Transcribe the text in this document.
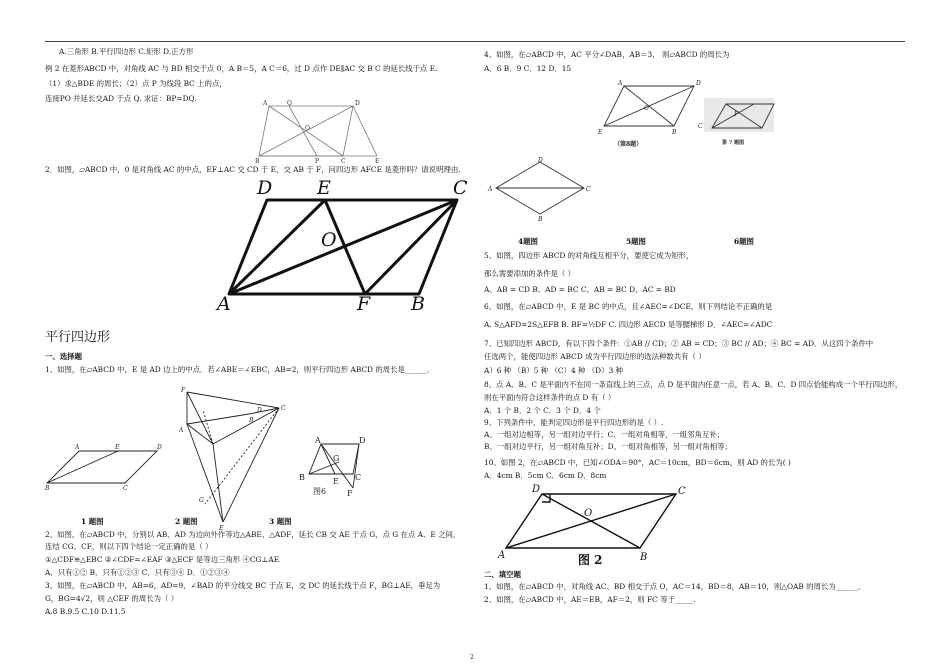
A.三角形 B.平行四边形 C.矩形 D.正方形
例 2 在菱形ABCD 中，对角线 AC 与 BD 相交于点 0，A B＝5，A C＝6，过 D 点作 DE∥AC 交 B C 的延长线于点 E.
（1）求△BDE 的周长；（2）点 P 为线段 BC 上的点，
连接PO 并延长交AD 于点 Q. 求证：BP=DQ.
A	Q	D
O
B	P	C	E
2．如图，▱ABCD 中，0 是对角线 AC 的中点，EF⊥AC 交 CD 于 E，交 AB 于 F，问四边形 AFCE 是菱形吗？请说明理由.
D E	C
O
A	F B
平行四边形
一、选择题
1、如图，在▱ABCD 中，E 是 AD 边上的中点．若∠ABE＝∠EBC，AB=2，则平行四边形 ABCD 的周长是______．
A	E	D
B	C
F
D
B
C
A
G
E
A	D
G
B	E C
图6	F
1 题图	2 题图	3 题图
2、如图，在▱ABCD 中，分别以 AB、AD 为边向外作等边△ABE、△ADF，延长 CB 交 AE 于点 G，点 G 在点 A、E 之间，
连结 CG、CF，则以下四个结论一定正确的是（ ）
①△CDF≌△EBC ②∠CDF=∠EAF ③△ECF 是等边三角形 ④CG⊥AE
A．只有①② B．只有①②③ C．只有③④ D．①②③④
3、如图，在▱ABCD 中，AB=6，AD=9，∠BAD 的平分线交 BC 于点 E，交 DC 的延长线于点 F，BG⊥AE，垂足为
G，BG=4√2，则 △CEF 的周长为（ ）
A.8 B.9.5 C.10 D.11.5
4、如图，在▱ABCD 中，AC 平分∠DAB，AB＝3， 则▱ABCD 的周长为
A．6 B．9 C．12 D．15
A	D
O
E	B
C
F
（第8题）	第 7 题图
D
A	C
B
4题图	5题图	6题图
5、如图，四边形 ABCD 的对角线互相平分，要使它成为矩形，
那么需要添加的条件是（ ）
A、AB = CD B、AD = BC C、AB = BC D、AC = BD
6、如图，在▱ABCD 中，E 是 BC 的中点，且∠AEC=∠DCE，则下列结论不正确的是
A. S△AFD=2S△EFB B. BF=½DF C. 四边形 AECD 是等腰梯形 D．∠AEC=∠ADC
7、已知四边形 ABCD，有以下四个条件：①AB // CD；② AB = CD；③ BC // AD；④ BC = AD．从这四个条件中
任选两个，能使四边形 ABCD 成为平行四边形的选法种数共有（ ）
A）6 种 （B）5 种 （C）4 种 （D）3 种
8、点 A、B、C 是平面内不在同一条直线上的三点，点 D 是平面内任意一点，若 A、B、C、D 四点恰能构成一个平行四边形，
则在平面内符合这样条件的点 D 有（ ）
A．1 个 B．2 个 C．3 个 D．4 个
9、下列条件中，能判定四边形是平行四边形的是（ ）.
A、一组对边相等，另一组对边平行；C、一组对角相等，一组邻角互补；
B、一组对边平行，另一组对角互补；D、一组对角相等，另一组对角相等；
10、如图 2，在▱ABCD 中，已知∠ODA＝90°，AC＝10cm，BD＝6cm，则 AD 的长为( )
A．4cm B．5cm C．6cm D．8cm
D	C
O
A	B
图 2
二、填空题
1、如图，在▱ABCD 中，对角线 AC、BD 相交于点 O，AC＝14，BD＝8，AB＝10，则△OAB 的周长为______．
2、如图，在▱ABCD 中，AE＝EB，AF＝2，则 FC 等于_____.
2
